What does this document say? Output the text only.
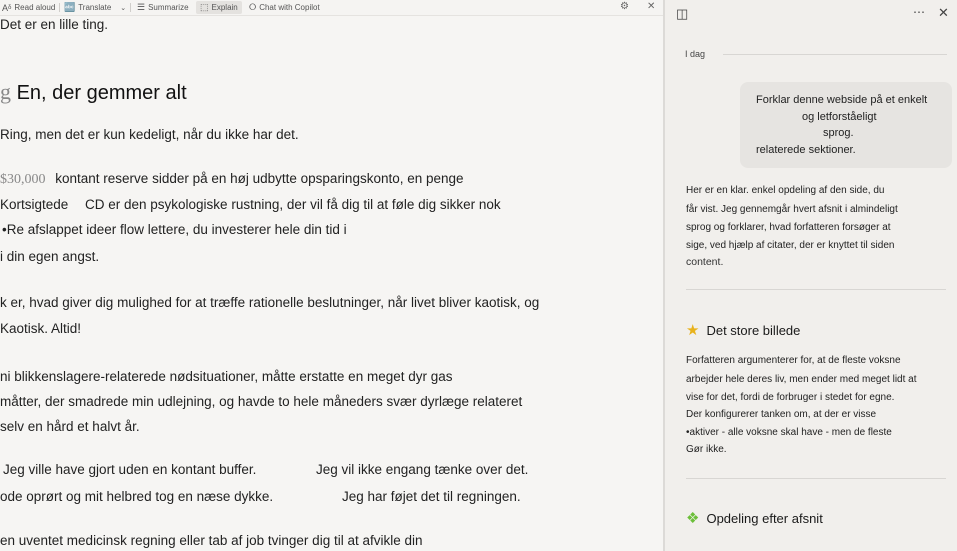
Aᵟ Read aloud 🔤 Translate ⌄ ☰ Summarize ⬚ Explain ⭘ Chat with Copilot	⚙ ✕
Det er en lille ting.
g En, der gemmer alt
Ring, men det er kun kedeligt, når du ikke har det.
$30,000 kontant reserve sidder på en høj udbytte opsparingskonto, en penge
Kortsigtede CD er den psykologiske rustning, der vil få dig til at føle dig sikker nok
•Re afslappet ideer flow lettere, du investerer hele din tid i
i din egen angst.
k er, hvad giver dig mulighed for at træffe rationelle beslutninger, når livet bliver kaotisk, og
Kaotisk. Altid!
ni blikkenslagere-relaterede nødsituationer, måtte erstatte en meget dyr gas
måtter, der smadrede min udlejning, og havde to hele måneders svær dyrlæge relateret
selv en hård et halvt år.
Jeg ville have gjort uden en kontant buffer.	Jeg vil ikke engang tænke over det.
ode oprørt og mit helbred tog en næse dykke.	Jeg har føjet det til regningen.
en uventet medicinsk regning eller tab af job tvinger dig til at afvikle din
◫	⋯ ✕
I dag
Forklar denne webside på et enkelt
og letforståeligt
sprog.
relaterede sektioner.
Her er en klar. enkel opdeling af den side, du
får vist. Jeg gennemgår hvert afsnit i almindeligt
sprog og forklarer, hvad forfatteren forsøger at
sige, ved hjælp af citater, der er knyttet til siden
content.
★ Det store billede
Forfatteren argumenterer for, at de fleste voksne
arbejder hele deres liv, men ender med meget lidt at
vise for det, fordi de forbruger i stedet for egne.
Der konfigurerer tanken om, at der er visse
•aktiver - alle voksne skal have - men de fleste
Gør ikke.
❖ Opdeling efter afsnit
